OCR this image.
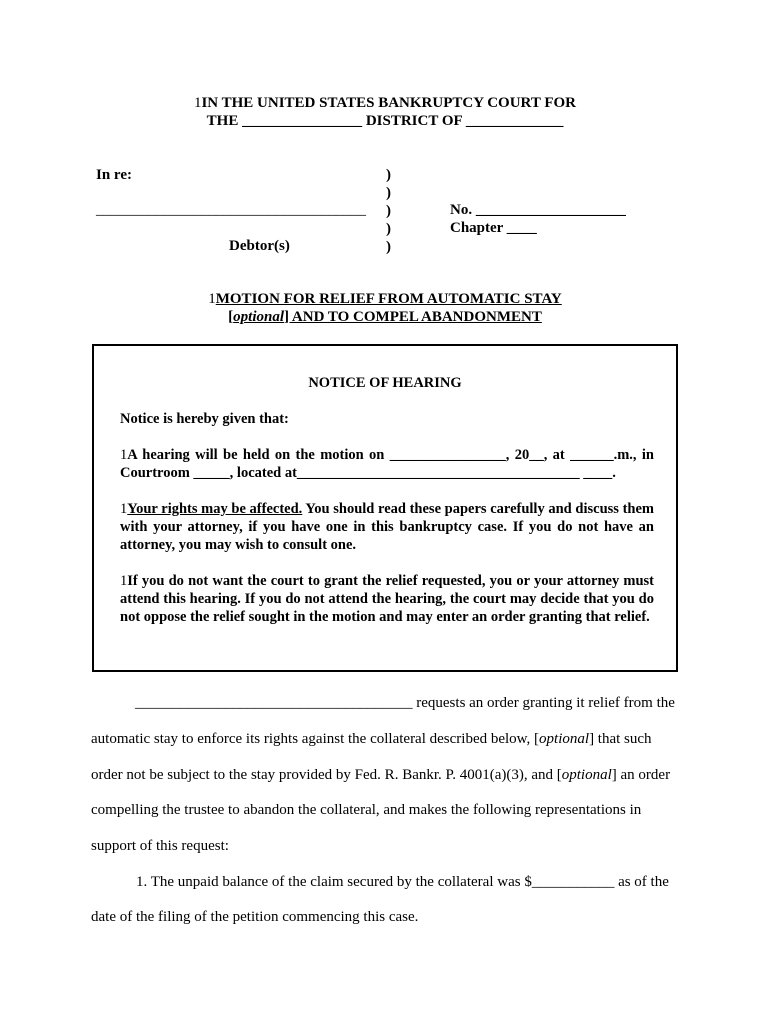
1IN THE UNITED STATES BANKRUPTCY COURT FOR
THE ________________ DISTRICT OF _____________
In re:
____________________________________
Debtor(s)
)
)
)
)
)
No. ____________________
Chapter ____
1MOTION FOR RELIEF FROM AUTOMATIC STAY
[optional] AND TO COMPEL ABANDONMENT
NOTICE OF HEARING
Notice is hereby given that:
1A hearing will be held on the motion on ________________, 20__, at ______.m., in Courtroom _____, located at_______________________________________ ____.
1Your rights may be affected. You should read these papers carefully and discuss them with your attorney, if you have one in this bankruptcy case. If you do not have an attorney, you may wish to consult one.
1If you do not want the court to grant the relief requested, you or your attorney must attend this hearing. If you do not attend the hearing, the court may decide that you do not oppose the relief sought in the motion and may enter an order granting that relief.
_____________________________________ requests an order granting it relief from the
automatic stay to enforce its rights against the collateral described below, [optional] that such
order not be subject to the stay provided by Fed. R. Bankr. P. 4001(a)(3), and [optional] an order
compelling the trustee to abandon the collateral, and makes the following representations in
support of this request:
1. The unpaid balance of the claim secured by the collateral was $___________ as of the
date of the filing of the petition commencing this case.
